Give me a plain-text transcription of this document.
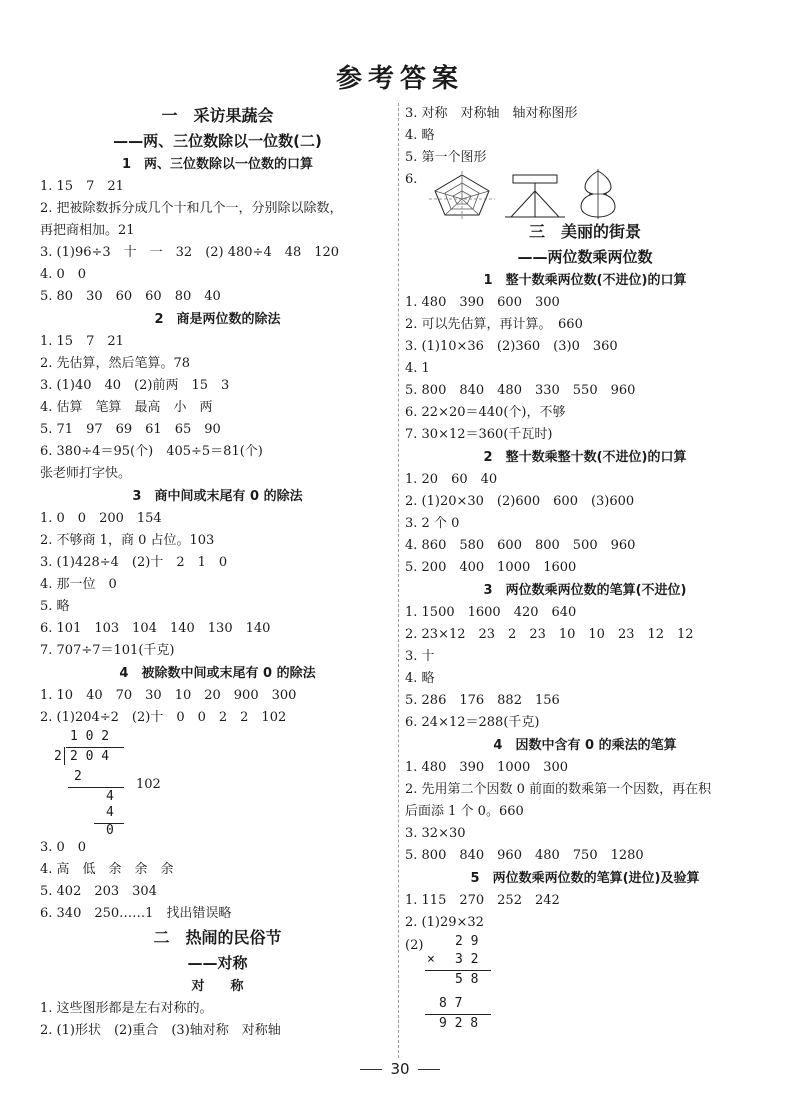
参考答案
一　采访果蔬会
——两、三位数除以一位数(二)
1　两、三位数除以一位数的口算
1. 15　7　21
2. 把被除数拆分成几个十和几个一，分别除以除数，
再把商相加。21
3. (1)96÷3　十　一　32　(2) 480÷4　48　120
4. 0　0
5. 80　30　60　60　80　40
2　商是两位数的除法
1. 15　7　21
2. 先估算，然后笔算。78
3. (1)40　40　(2)前两　15　3
4. 估算　笔算　最高　小　两
5. 71　97　69　61　65　90
6. 380÷4＝95(个)　405÷5＝81(个)
张老师打字快。
3　商中间或末尾有 0 的除法
1. 0　0　200　154
2. 不够商 1，商 0 占位。103
3. (1)428÷4　(2)十　2　1　0
4. 那一位　0
5. 略
6. 101　103　104　140　130　140
7. 707÷7＝101(千克)
4　被除数中间或末尾有 0 的除法
1. 10　40　70　30　10　20　900　300
2. (1)204÷2　(2)十　0　0　2　2　102
1 0 2
2 2 0 4
2
4
4
0
102
3. 0　0
4. 高　低　余　余　余
5. 402　203　304
6. 340　250……1　找出错误略
二　热闹的民俗节
——对称
对　　称
1. 这些图形都是左右对称的。
2. (1)形状　(2)重合　(3)轴对称　对称轴
3. 对称　对称轴　轴对称图形
4. 略
5. 第一个图形
6.
三　美丽的街景
——两位数乘两位数
1　整十数乘两位数(不进位)的口算
1. 480　390　600　300
2. 可以先估算，再计算。　660
3. (1)10×36　(2)360　(3)0　360
4. 1
5. 800　840　480　330　550　960
6. 22×20＝440(个)，不够
7. 30×12＝360(千瓦时)
2　整十数乘整十数(不进位)的口算
1. 20　60　40
2. (1)20×30　(2)600　600　(3)600
3. 2 个 0
4. 860　580　600　800　500　960
5. 200　400　1000　1600
3　两位数乘两位数的笔算(不进位)
1. 1500　1600　420　640
2. 23×12　23　2　23　10　10　23　12　12
3. 十
4. 略
5. 286　176　882　156
6. 24×12＝288(千克)
4　因数中含有 0 的乘法的笔算
1. 480　390　1000　300
2. 先用第二个因数 0 前面的数乘第一个因数，再在积
后面添 1 个 0。660
3. 32×30
5. 800　840　960　480　750　1280
5　两位数乘两位数的笔算(进位)及验算
1. 115　270　252　242
2. (1)29×32
(2) 2 9
× 3 2
5 8
8 7
9 2 8
30
